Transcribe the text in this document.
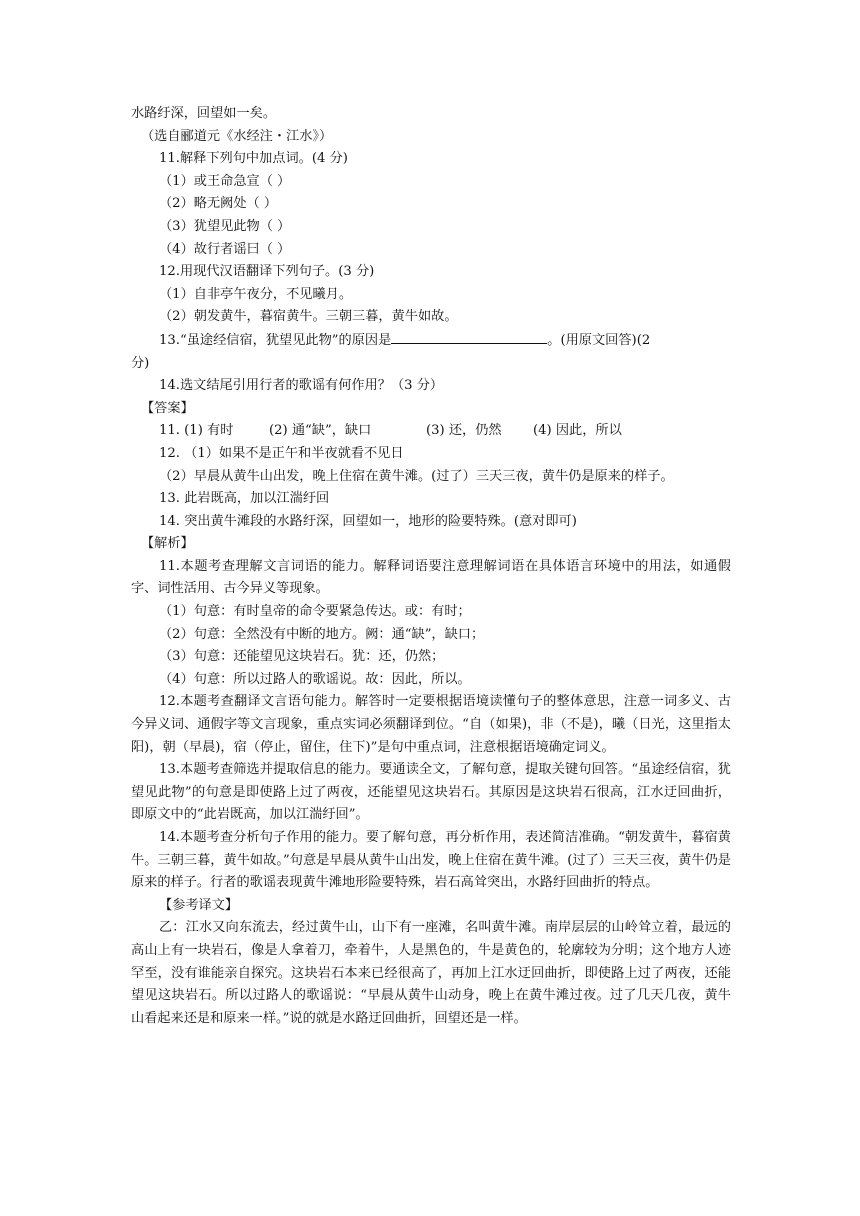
水路纡深，回望如一矣。
（选自郦道元《水经注・江水》）
11.解释下列句中加点词。(4 分)
（1）或王命急宣（ ）
（2）略无阙处（ ）
（3）犹望见此物（ ）
（4）故行者谣曰（ ）
12.用现代汉语翻译下列句子。(3 分)
（1）自非亭午夜分，不见曦月。
（2）朝发黄牛，暮宿黄牛。三朝三暮，黄牛如故。
13.“虽途经信宿，犹望见此物”的原因是	。(用原文回答)(2
分)
14.选文结尾引用行者的歌谣有何作用？（3 分）
【答案】
11. (1) 有时	(2) 通“缺”，缺口	(3) 还，仍然 (4) 因此，所以
12. （1）如果不是正午和半夜就看不见日
（2）早晨从黄牛山出发，晚上住宿在黄牛滩。(过了）三天三夜，黄牛仍是原来的样子。
13. 此岩既高，加以江湍纡回
14. 突出黄牛滩段的水路纡深，回望如一，地形的险要特殊。(意对即可)
【解析】

11.本题考查理解文言词语的能力。解释词语要注意理解词语在具体语言环境中的用法，如通假字、词性活用、古今异义等现象。

（1）句意：有时皇帝的命令要紧急传达。或：有时；
（2）句意：全然没有中断的地方。阙：通“缺”，缺口；
（3）句意：还能望见这块岩石。犹：还，仍然；
（4）句意：所以过路人的歌谣说。故：因此，所以。

12.本题考查翻译文言语句能力。解答时一定要根据语境读懂句子的整体意思，注意一词多义、古今异义词、通假字等文言现象，重点实词必须翻译到位。“自（如果)，非（不是)，曦（日光，这里指太阳)，朝（早晨)，宿（停止，留住，住下)”是句中重点词，注意根据语境确定词义。

13.本题考查筛选并提取信息的能力。要通读全文，了解句意，提取关键句回答。“虽途经信宿，犹望见此物”的句意是即使路上过了两夜，还能望见这块岩石。其原因是这块岩石很高，江水迂回曲折，即原文中的“此岩既高，加以江湍纡回”。

14.本题考查分析句子作用的能力。要了解句意，再分析作用，表述简洁准确。“朝发黄牛，暮宿黄牛。三朝三暮，黄牛如故。”句意是早晨从黄牛山出发，晚上住宿在黄牛滩。(过了）三天三夜，黄牛仍是原来的样子。行者的歌谣表现黄牛滩地形险要特殊，岩石高耸突出，水路纡回曲折的特点。

【参考译文】

乙：江水又向东流去，经过黄牛山，山下有一座滩，名叫黄牛滩。南岸层层的山岭耸立着，最远的高山上有一块岩石，像是人拿着刀，牵着牛，人是黑色的，牛是黄色的，轮廓较为分明；这个地方人迹罕至，没有谁能亲自探究。这块岩石本来已经很高了，再加上江水迂回曲折，即使路上过了两夜，还能望见这块岩石。所以过路人的歌谣说：“早晨从黄牛山动身，晚上在黄牛滩过夜。过了几天几夜，黄牛山看起来还是和原来一样。”说的就是水路迂回曲折，回望还是一样。
